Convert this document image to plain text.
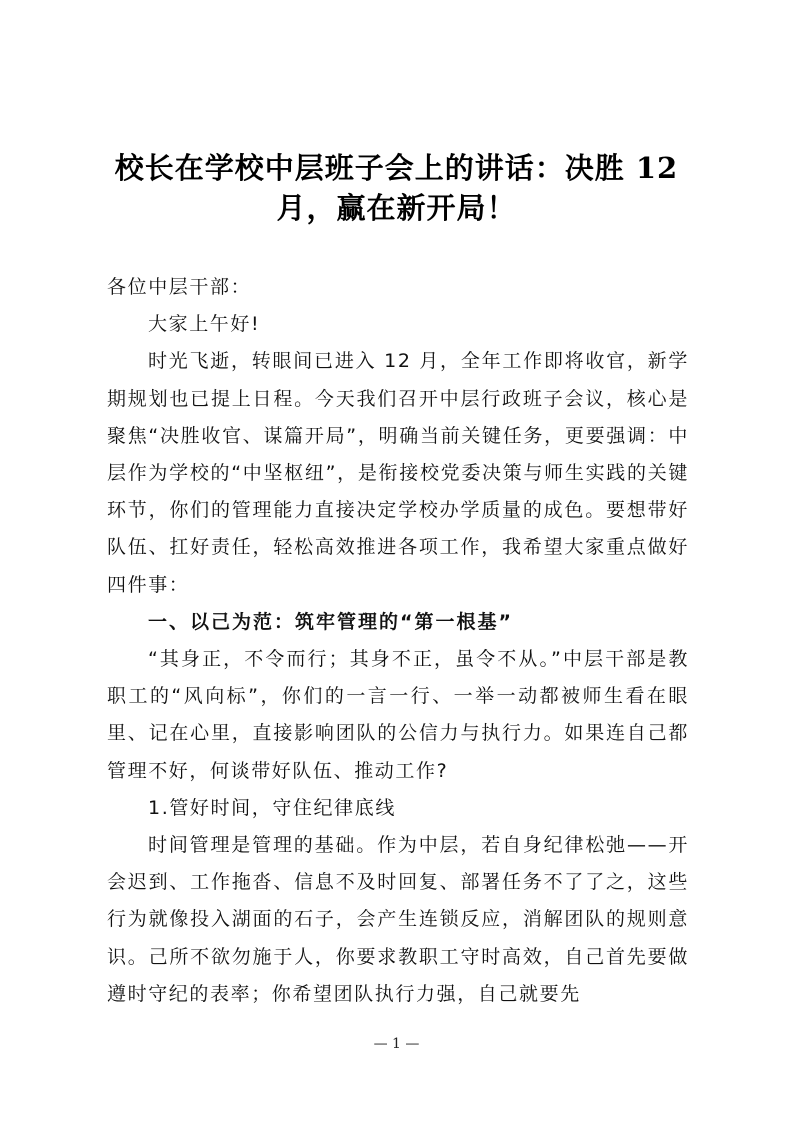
校长在学校中层班子会上的讲话：决胜 12 月，赢在新开局！

各位中层干部：

大家上午好!

时光飞逝，转眼间已进入 12 月，全年工作即将收官，新学期规划也已提上日程。今天我们召开中层行政班子会议，核心是聚焦“决胜收官、谋篇开局”，明确当前关键任务，更要强调：中层作为学校的“中坚枢纽”，是衔接校党委决策与师生实践的关键环节，你们的管理能力直接决定学校办学质量的成色。要想带好队伍、扛好责任，轻松高效推进各项工作，我希望大家重点做好四件事：

一、以己为范：筑牢管理的“第一根基”

“其身正，不令而行；其身不正，虽令不从。”中层干部是教职工的“风向标”，你们的一言一行、一举一动都被师生看在眼里、记在心里，直接影响团队的公信力与执行力。如果连自己都管理不好，何谈带好队伍、推动工作?

1.管好时间，守住纪律底线

时间管理是管理的基础。作为中层，若自身纪律松弛——开会迟到、工作拖沓、信息不及时回复、部署任务不了了之，这些行为就像投入湖面的石子，会产生连锁反应，消解团队的规则意识。己所不欲勿施于人，你要求教职工守时高效，自己首先要做遵时守纪的表率；你希望团队执行力强，自己就要先

— 1 —
